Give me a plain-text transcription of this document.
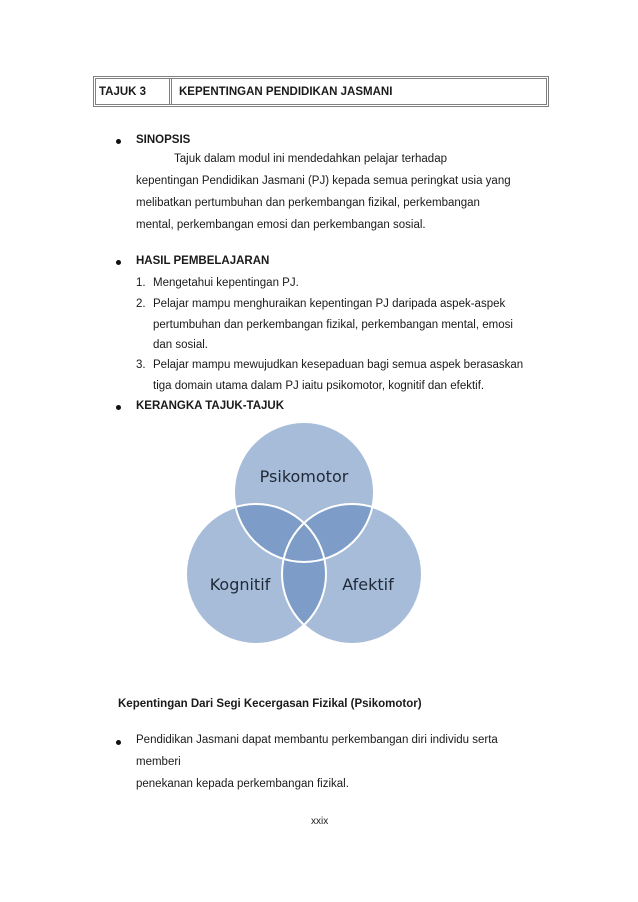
TAJUK 3	KEPENTINGAN PENDIDIKAN JASMANI
SINOPSIS
Tajuk dalam modul ini mendedahkan pelajar terhadap
kepentingan Pendidikan Jasmani (PJ) kepada semua peringkat usia yang
melibatkan pertumbuhan dan perkembangan fizikal, perkembangan
mental, perkembangan emosi dan perkembangan sosial.
HASIL PEMBELAJARAN
1. Mengetahui kepentingan PJ.
2. Pelajar mampu menghuraikan kepentingan PJ daripada aspek-aspek
pertumbuhan dan perkembangan fizikal, perkembangan mental, emosi
dan sosial.
3. Pelajar mampu mewujudkan kesepaduan bagi semua aspek berasaskan
tiga domain utama dalam PJ iaitu psikomotor, kognitif dan efektif.
KERANGKA TAJUK-TAJUK
Psikomotor
Kognitif	Afektif
Kepentingan Dari Segi Kecergasan Fizikal (Psikomotor)
Pendidikan Jasmani dapat membantu perkembangan diri individu serta
memberi
penekanan kepada perkembangan fizikal.
xxix
